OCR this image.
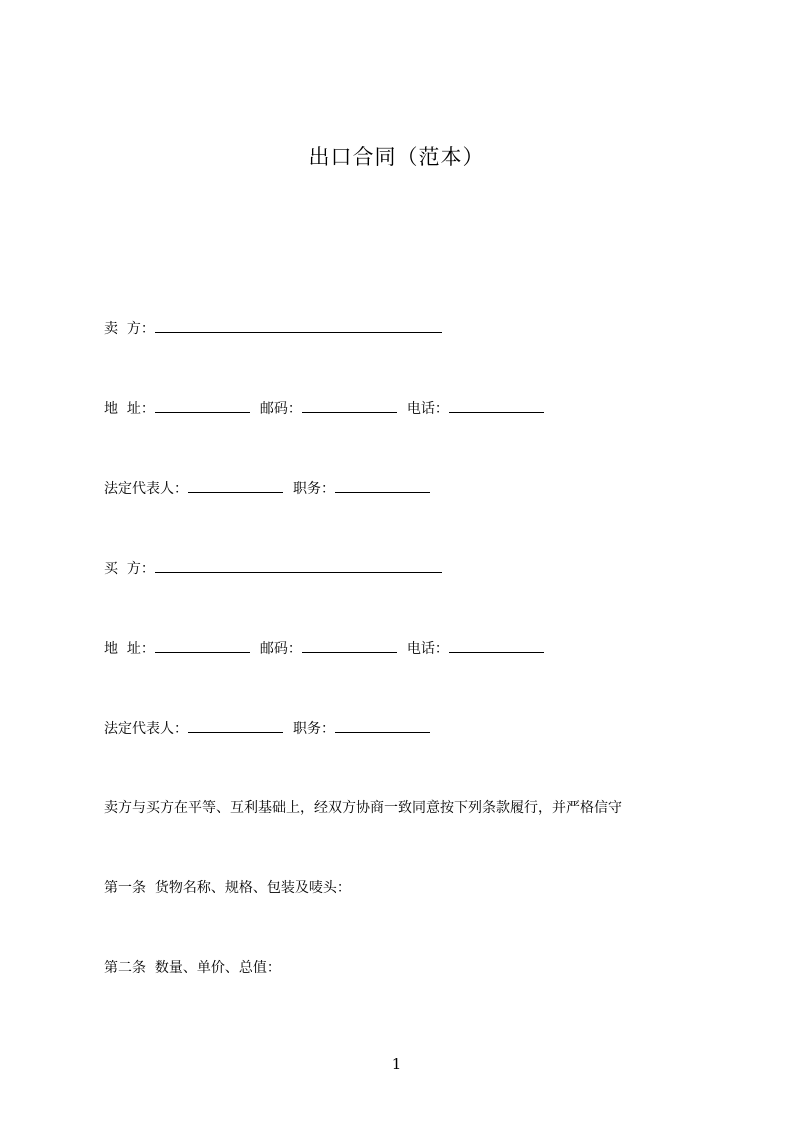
出口合同（范本）
卖  方：
地  址：	邮码：	电话：
法定代表人：	职务：
买  方：
地  址：	邮码：	电话：
法定代表人：	职务：
卖方与买方在平等、互利基础上，经双方协商一致同意按下列条款履行，并严格信守
第一条  货物名称、规格、包装及唛头：
第二条  数量、单价、总值：
1
